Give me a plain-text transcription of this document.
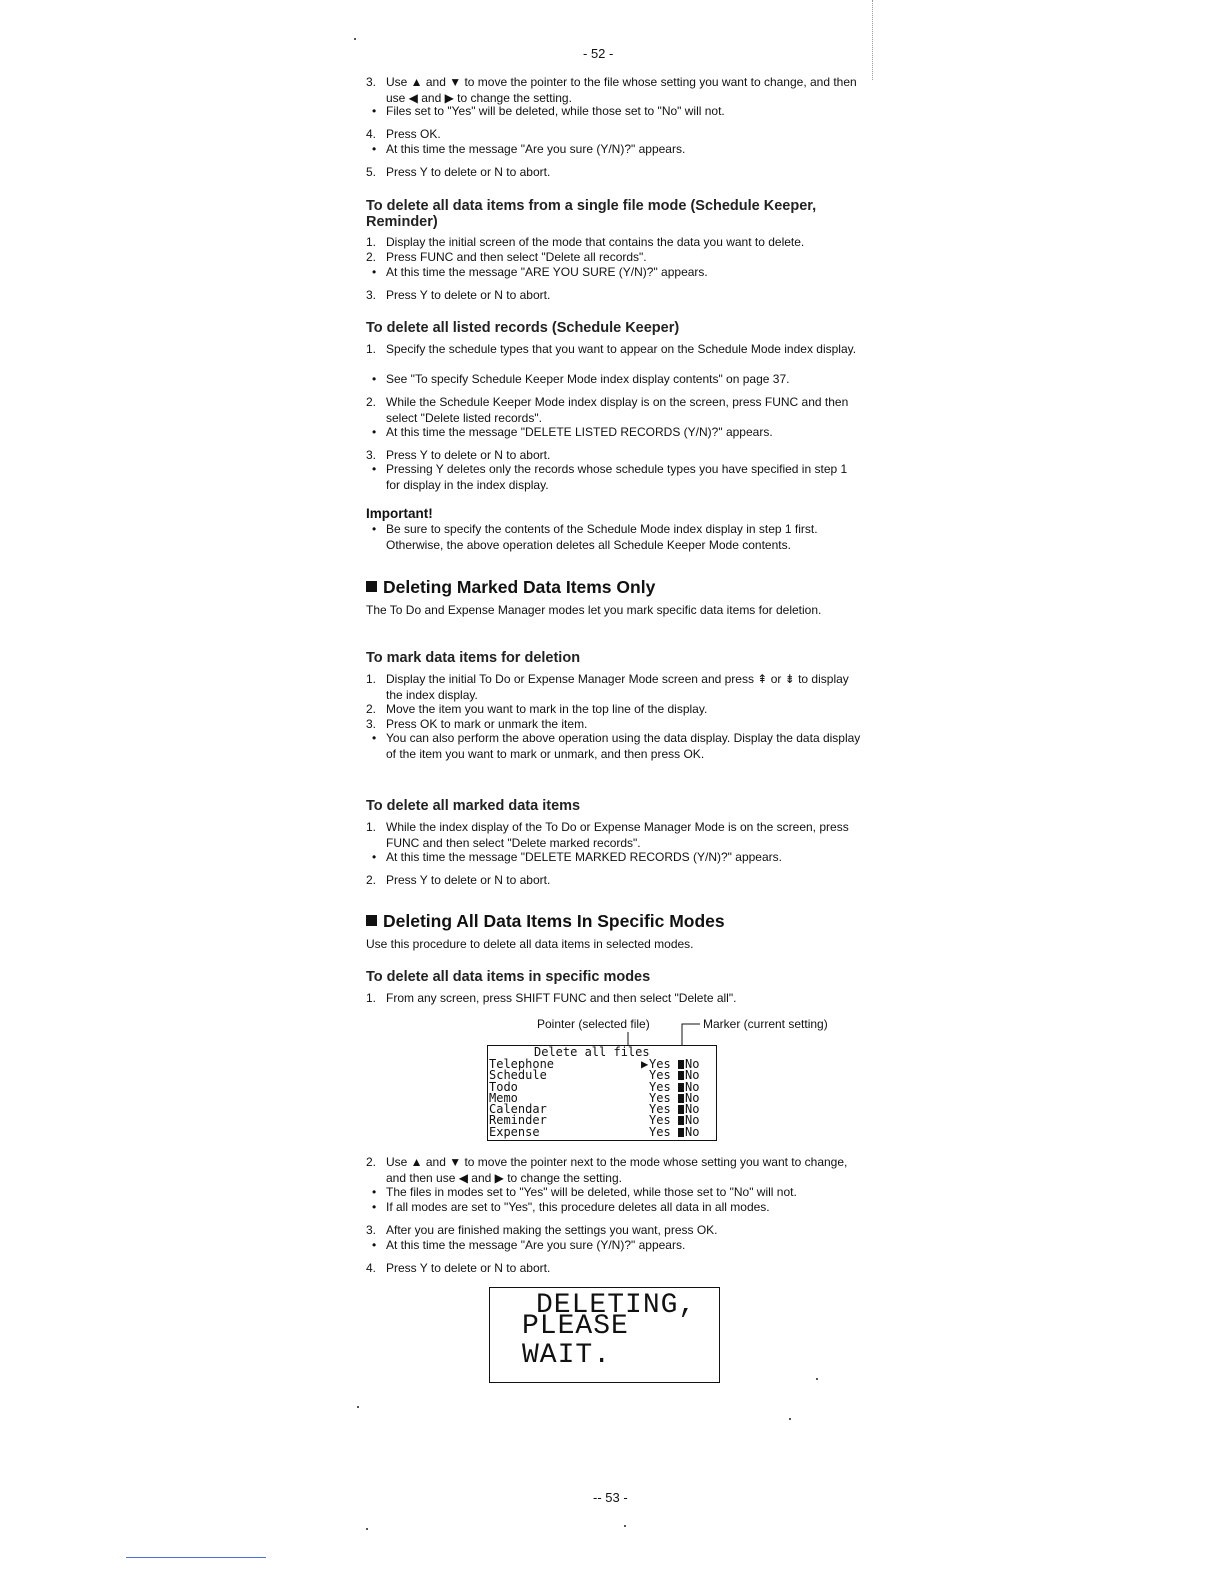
- 52 -
-- 53 -
3. Use ▲ and ▼ to move the pointer to the file whose setting you want to change, and then use ◀ and ▶ to change the setting.
• Files set to "Yes" will be deleted, while those set to "No" will not.
4. Press OK.
• At this time the message "Are you sure (Y/N)?" appears.
5. Press Y to delete or N to abort.
To delete all data items from a single file mode (Schedule Keeper, Reminder)
1. Display the initial screen of the mode that contains the data you want to delete.
2. Press FUNC and then select "Delete all records".
• At this time the message "ARE YOU SURE (Y/N)?" appears.
3. Press Y to delete or N to abort.
To delete all listed records (Schedule Keeper)
1. Specify the schedule types that you want to appear on the Schedule Mode index display.
• See "To specify Schedule Keeper Mode index display contents" on page 37.
2. While the Schedule Keeper Mode index display is on the screen, press FUNC and then select "Delete listed records".
• At this time the message "DELETE LISTED RECORDS (Y/N)?" appears.
3. Press Y to delete or N to abort.
• Pressing Y deletes only the records whose schedule types you have specified in step 1 for display in the index display.
Important!
• Be sure to specify the contents of the Schedule Mode index display in step 1 first. Otherwise, the above operation deletes all Schedule Keeper Mode contents.
Deleting Marked Data Items Only
The To Do and Expense Manager modes let you mark specific data items for deletion.
To mark data items for deletion
1. Display the initial To Do or Expense Manager Mode screen and press ⇞ or ⇟ to display the index display.
2. Move the item you want to mark in the top line of the display.
3. Press OK to mark or unmark the item.
• You can also perform the above operation using the data display. Display the data display of the item you want to mark or unmark, and then press OK.
To delete all marked data items
1. While the index display of the To Do or Expense Manager Mode is on the screen, press FUNC and then select "Delete marked records".
• At this time the message "DELETE MARKED RECORDS (Y/N)?" appears.
2. Press Y to delete or N to abort.
Deleting All Data Items In Specific Modes
Use this procedure to delete all data items in selected modes.
To delete all data items in specific modes
1. From any screen, press SHIFT FUNC and then select "Delete all".
Pointer (selected file)	Marker (current setting)
Delete all files
Telephone	▶ Yes No
Schedule	Yes No
Todo	Yes No
Memo	Yes No
Calendar	Yes No
Reminder	Yes No
Expense	Yes No
2. Use ▲ and ▼ to move the pointer next to the mode whose setting you want to change, and then use ◀ and ▶ to change the setting.
• The files in modes set to "Yes" will be deleted, while those set to "No" will not.
• If all modes are set to "Yes", this procedure deletes all data in all modes.
3. After you are finished making the settings you want, press OK.
• At this time the message "Are you sure (Y/N)?" appears.
4. Press Y to delete or N to abort.
DELETING,
PLEASE WAIT.
